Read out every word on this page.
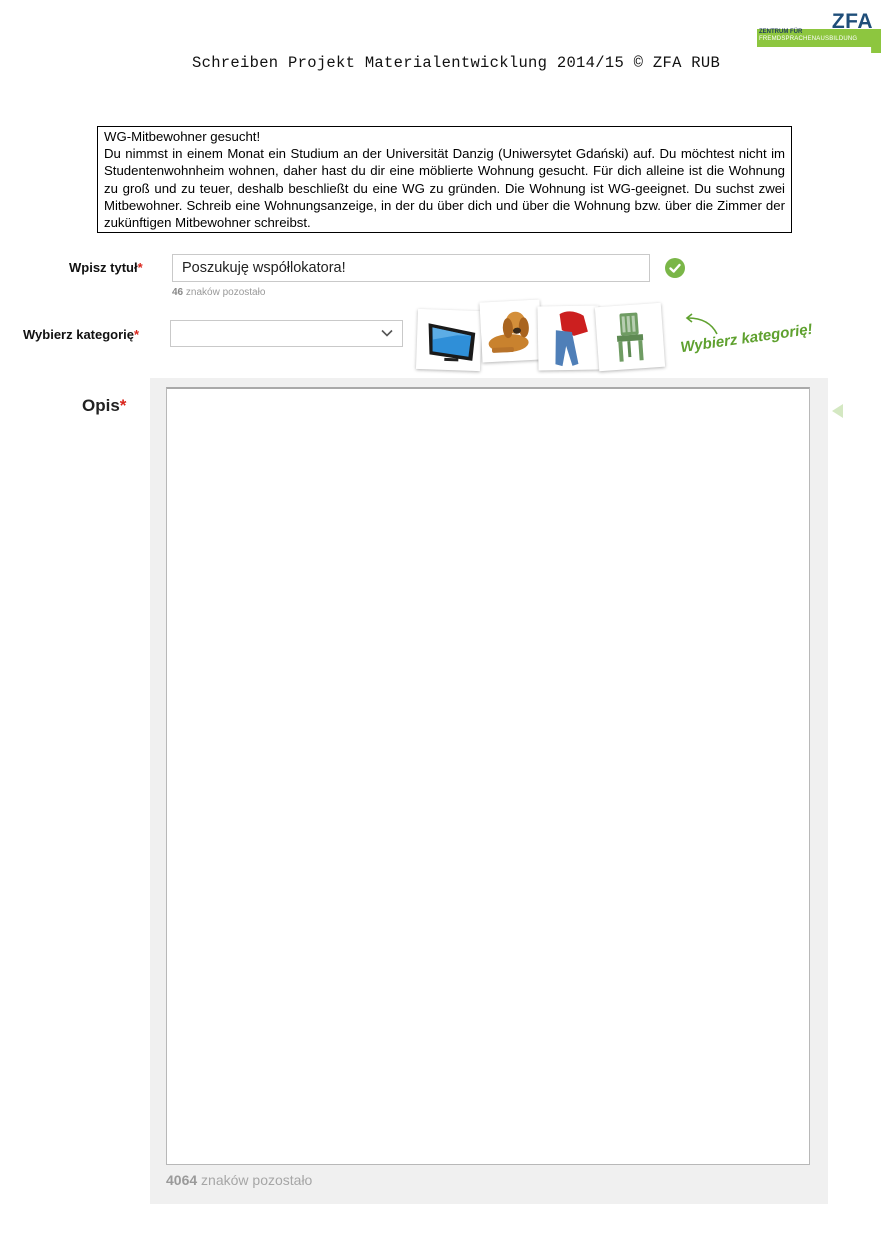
Schreiben Projekt Materialentwicklung 2014/15 © ZFA RUB
ZFA
ZENTRUM FÜR
FREMDSPRACHENAUSBILDUNG
WG-Mitbewohner gesucht!
Du nimmst in einem Monat ein Studium an der Universität Danzig (Uniwersytet Gdański) auf. Du möchtest nicht im Studentenwohnheim wohnen, daher hast du dir eine möblierte Wohnung gesucht. Für dich alleine ist die Wohnung zu groß und zu teuer, deshalb beschließt du eine WG zu gründen. Die Wohnung ist WG-geeignet. Du suchst zwei Mitbewohner. Schreib eine Wohnungsanzeige, in der du über dich und über die Wohnung bzw. über die Zimmer der zukünftigen Mitbewohner schreibst.
Wpisz tytuł*	Poszukuję współlokatora!
46 znaków pozostało
Wybierz kategorię*	Wybierz kategorię!
Opis*
4064 znaków pozostało
